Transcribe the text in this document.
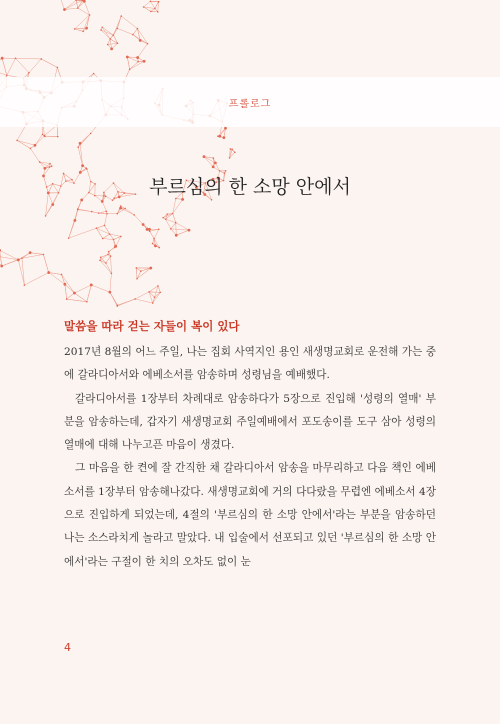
프롤로그
부르심의 한 소망 안에서
말씀을 따라 걷는 자들이 복이 있다

2017년 8월의 어느 주일, 나는 집회 사역지인 용인 새생명교회로 운전해 가는 중에 갈라디아서와 에베소서를 암송하며 성령님을 예배했다.

갈라디아서를 1장부터 차례대로 암송하다가 5장으로 진입해 '성령의 열매' 부분을 암송하는데, 갑자기 새생명교회 주일예배에서 포도송이를 도구 삼아 성령의 열매에 대해 나누고픈 마음이 생겼다.

그 마음을 한 켠에 잘 간직한 채 갈라디아서 암송을 마무리하고 다음 책인 에베소서를 1장부터 암송해나갔다. 새생명교회에 거의 다다랐을 무렵엔 에베소서 4장으로 진입하게 되었는데, 4절의 '부르심의 한 소망 안에서'라는 부분을 암송하던 나는 소스라치게 놀라고 말았다. 내 입술에서 선포되고 있던 '부르심의 한 소망 안에서'라는 구절이 한 치의 오차도 없이 눈

4
